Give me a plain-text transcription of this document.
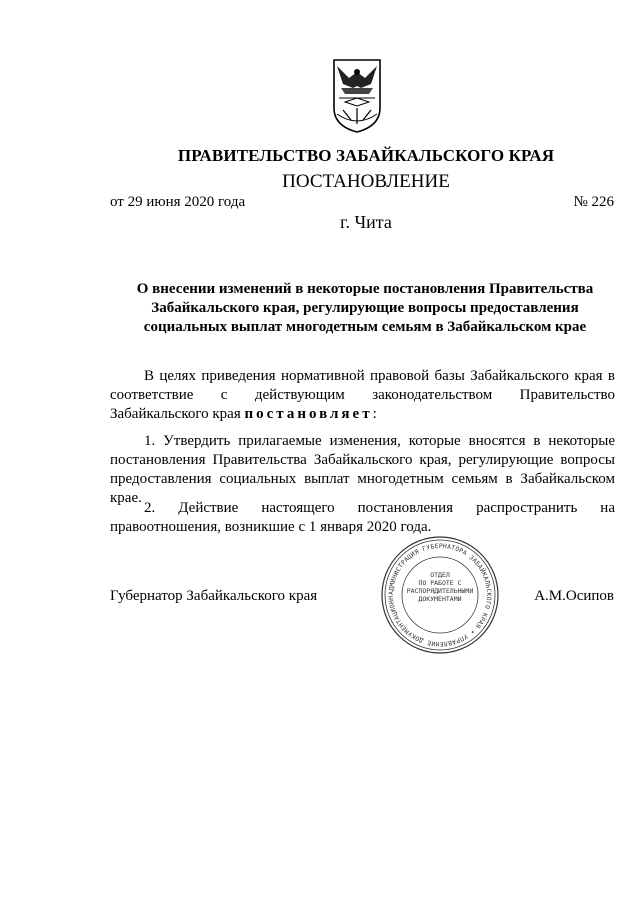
ПРАВИТЕЛЬСТВО ЗАБАЙКАЛЬСКОГО КРАЯ
ПОСТАНОВЛЕНИЕ
от 29 июня 2020 года	№ 226
г. Чита
О внесении изменений в некоторые постановления Правительства
Забайкальского края, регулирующие вопросы предоставления
социальных выплат многодетным семьям в Забайкальском крае
В целях приведения нормативной правовой базы Забайкальского края в соответствие с действующим законодательством Правительство Забайкальского края постановляет:
1. Утвердить прилагаемые изменения, которые вносятся в некоторые постановления Правительства Забайкальского края, регулирующие вопросы предоставления социальных выплат многодетным семьям в Забайкальском крае.
2. Действие настоящего постановления распространить на правоотношения, возникшие с 1 января 2020 года.
Губернатор Забайкальского края	А.М.Осипов
АДМИНИСТРАЦИЯ ГУБЕРНАТОРА ЗАБАЙКАЛЬСКОГО КРАЯ • УПРАВЛЕНИЕ ДОКУМЕНТАЦИОНН
ОТДЕЛ
ПО РАБОТЕ С
РАСПОРЯДИТЕЛЬНЫМИ
ДОКУМЕНТАМИ
